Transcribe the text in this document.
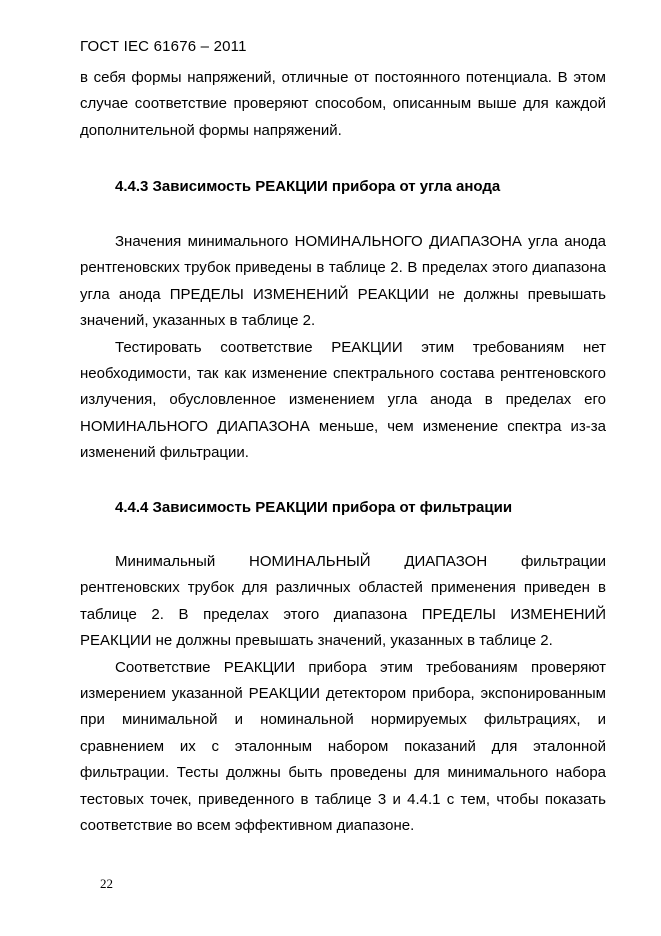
ГОСТ IEC 61676 – 2011

в себя формы напряжений, отличные от постоянного потенциала. В этом случае соответствие проверяют способом, описанным выше для каждой дополнительной формы напряжений.

4.4.3 Зависимость РЕАКЦИИ прибора от угла анода

Значения минимального НОМИНАЛЬНОГО ДИАПАЗОНА угла анода рентгеновских трубок приведены в таблице 2. В пределах этого диапазона угла анода ПРЕДЕЛЫ ИЗМЕНЕНИЙ РЕАКЦИИ не должны превышать значений, указанных в таблице 2.

Тестировать соответствие РЕАКЦИИ этим требованиям нет необходимости, так как изменение спектрального состава рентгеновского излучения, обусловленное изменением угла анода в пределах его НОМИНАЛЬНОГО ДИАПАЗОНА меньше, чем изменение спектра из-за изменений фильтрации.

4.4.4 Зависимость РЕАКЦИИ прибора от фильтрации

Минимальный НОМИНАЛЬНЫЙ ДИАПАЗОН фильтрации рентгеновских трубок для различных областей применения приведен в таблице 2. В пределах этого диапазона ПРЕДЕЛЫ ИЗМЕНЕНИЙ РЕАКЦИИ не должны превышать значений, указанных в таблице 2.

Соответствие РЕАКЦИИ прибора этим требованиям проверяют измерением указанной РЕАКЦИИ детектором прибора, экспонированным при минимальной и номинальной нормируемых фильтрациях, и сравнением их с эталонным набором показаний для эталонной фильтрации. Тесты должны быть проведены для минимального набора тестовых точек, приведенного в таблице 3 и 4.4.1 с тем, чтобы показать соответствие во всем эффективном диапазоне.

22
